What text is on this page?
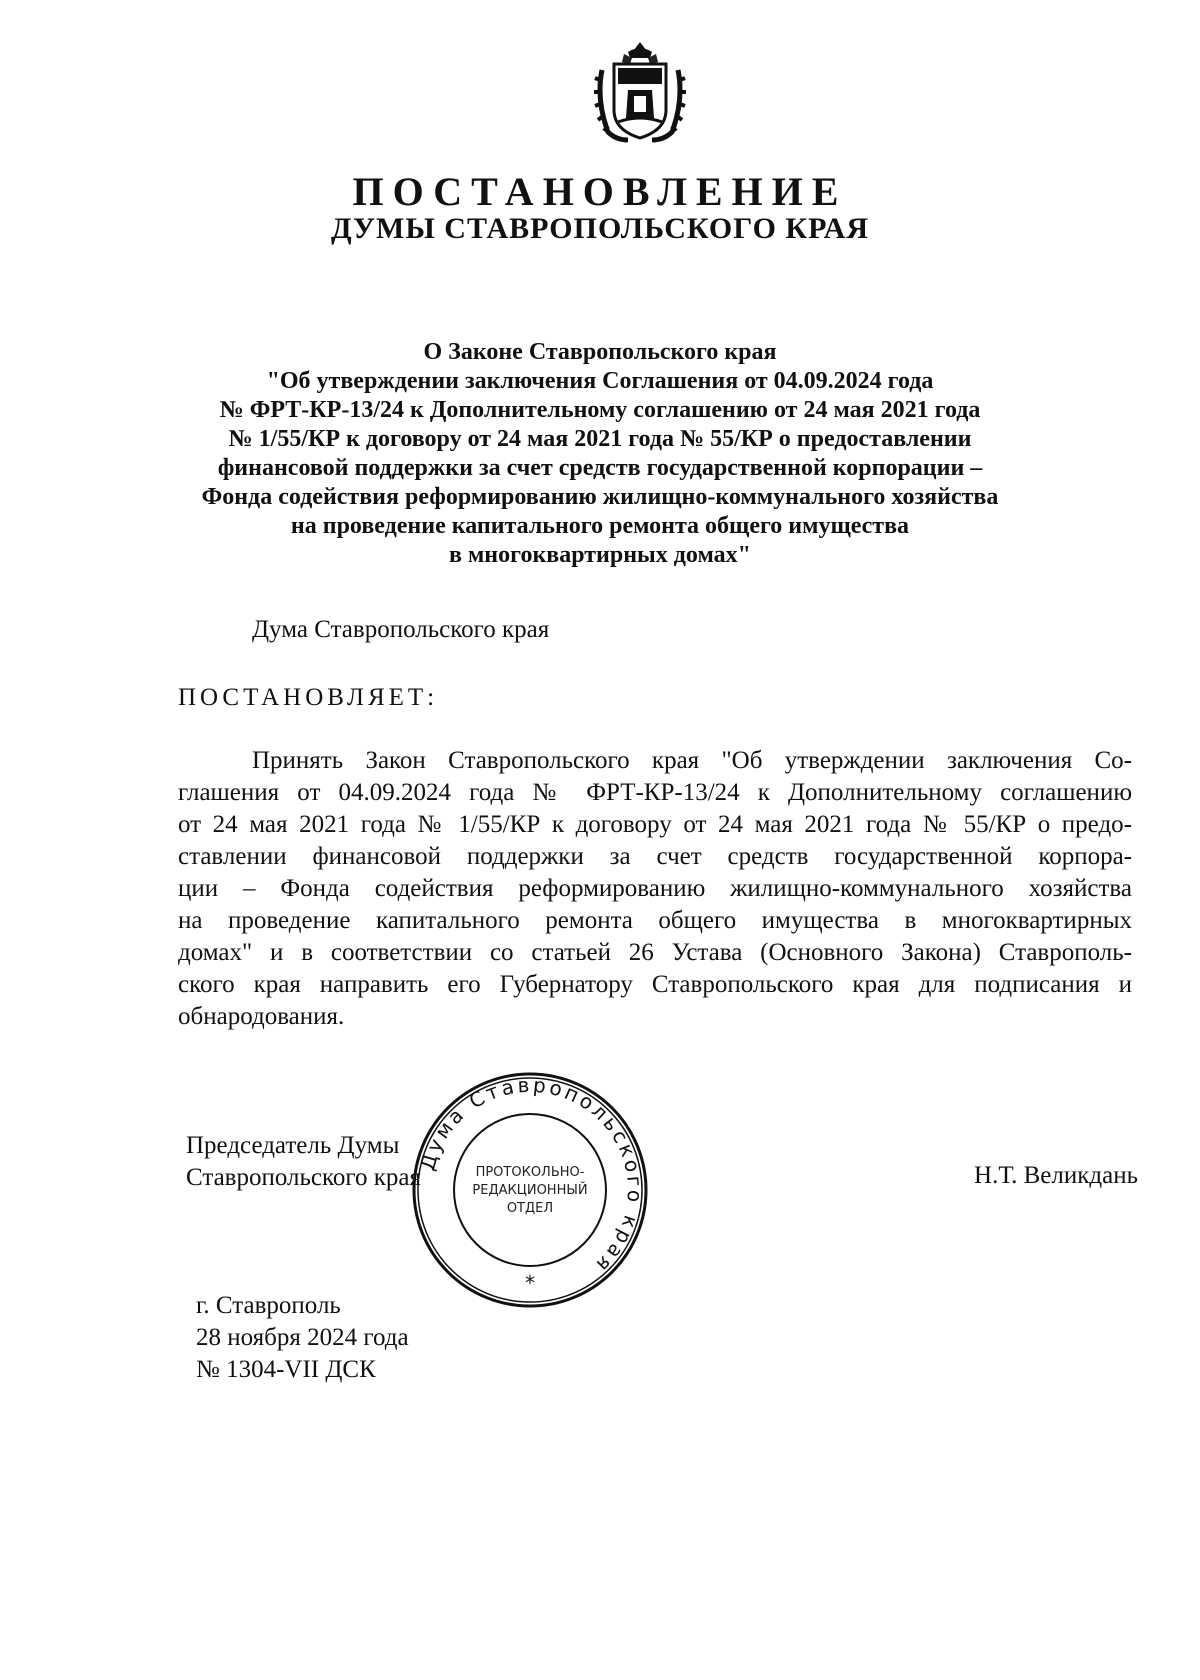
ПОСТАНОВЛЕНИЕ
ДУМЫ СТАВРОПОЛЬСКОГО КРАЯ
О Законе Ставропольского края
"Об утверждении заключения Соглашения от 04.09.2024 года
№ ФРТ-КР-13/24 к Дополнительному соглашению от 24 мая 2021 года
№ 1/55/КР к договору от 24 мая 2021 года № 55/КР о предоставлении
финансовой поддержки за счет средств государственной корпорации –
Фонда содействия реформированию жилищно-коммунального хозяйства
на проведение капитального ремонта общего имущества
в многоквартирных домах"
Дума Ставропольского края
ПОСТАНОВЛЯЕТ:
Принять Закон Ставропольского края "Об утверждении заключения Со-
глашения от 04.09.2024 года № ФРТ-КР-13/24 к Дополнительному соглашению
от 24 мая 2021 года № 1/55/КР к договору от 24 мая 2021 года № 55/КР о предо-
ставлении финансовой поддержки за счет средств государственной корпора-
ции – Фонда содействия реформированию жилищно-коммунального хозяйства
на проведение капитального ремонта общего имущества в многоквартирных
домах" и в соответствии со статьей 26 Устава (Основного Закона) Ставрополь-
ского края направить его Губернатору Ставропольского края для подписания и
обнародования.
Председатель Думы
Ставропольского края	Н.Т. Великдань
Дума Ставропольского края
ПРОТОКОЛЬНО-
РЕДАКЦИОННЫЙ
ОТДЕЛ
*
г. Ставрополь
28 ноября 2024 года
№ 1304-VII ДСК
